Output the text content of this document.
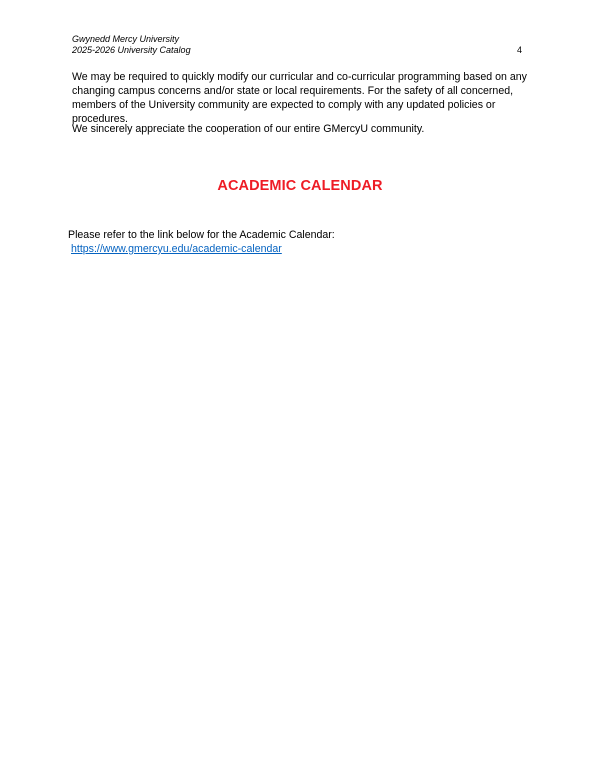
Gwynedd Mercy University
2025-2026 University Catalog	4

We may be required to quickly modify our curricular and co-curricular programming based on any changing campus concerns and/or state or local requirements. For the safety of all concerned, members of the University community are expected to comply with any updated policies or procedures.

We sincerely appreciate the cooperation of our entire GMercyU community.

ACADEMIC CALENDAR

Please refer to the link below for the Academic Calendar:

https://www.gmercyu.edu/academic-calendar
